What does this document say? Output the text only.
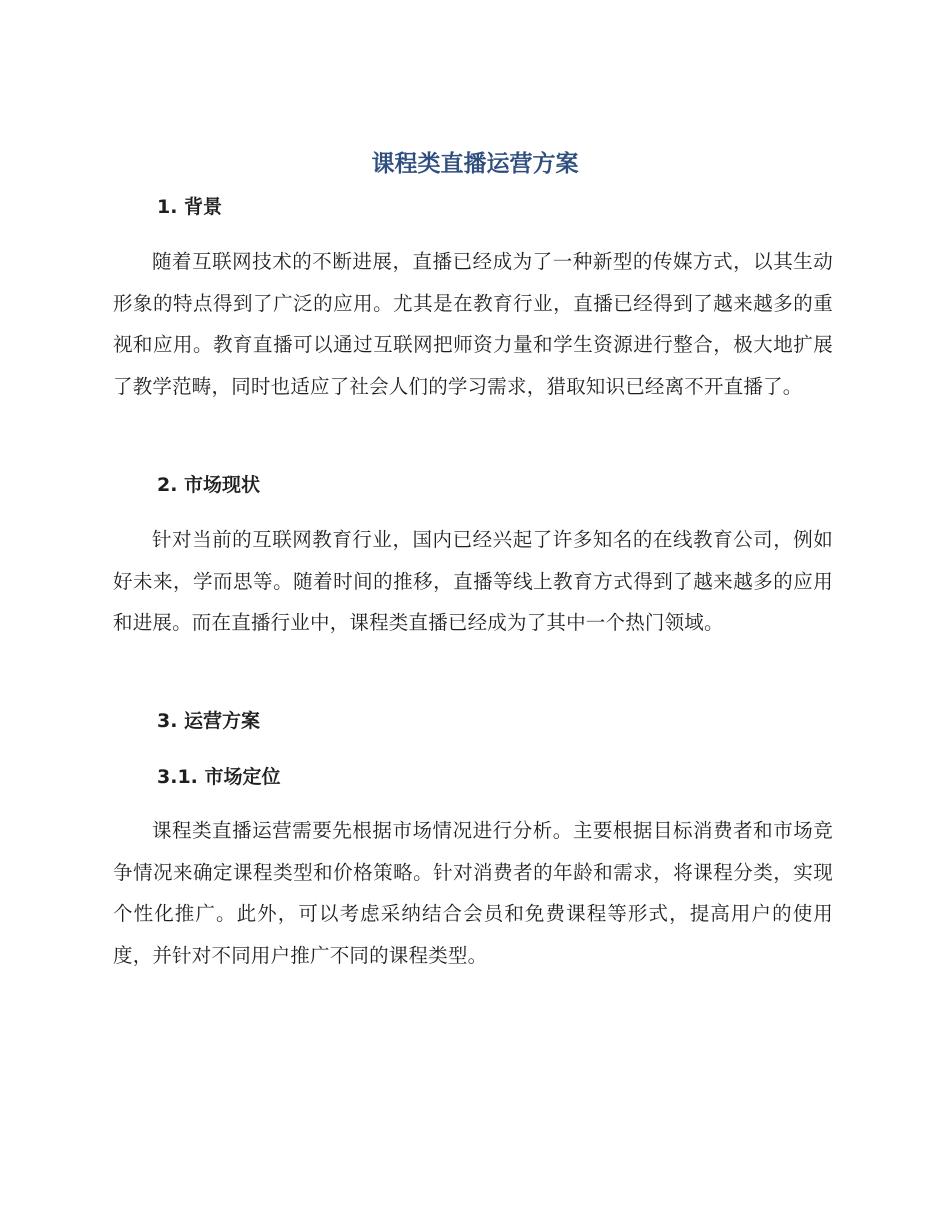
课程类直播运营方案
1. 背景

随着互联网技术的不断进展，直播已经成为了一种新型的传媒方式，以其生动形象的特点得到了广泛的应用。尤其是在教育行业，直播已经得到了越来越多的重视和应用。教育直播可以通过互联网把师资力量和学生资源进行整合，极大地扩展了教学范畴，同时也适应了社会人们的学习需求，猎取知识已经离不开直播了。

2. 市场现状

针对当前的互联网教育行业，国内已经兴起了许多知名的在线教育公司，例如好未来，学而思等。随着时间的推移，直播等线上教育方式得到了越来越多的应用和进展。而在直播行业中，课程类直播已经成为了其中一个热门领域。

3. 运营方案
3.1. 市场定位

课程类直播运营需要先根据市场情况进行分析。主要根据目标消费者和市场竞争情况来确定课程类型和价格策略。针对消费者的年龄和需求，将课程分类，实现个性化推广。此外，可以考虑采纳结合会员和免费课程等形式，提高用户的使用度，并针对不同用户推广不同的课程类型。
